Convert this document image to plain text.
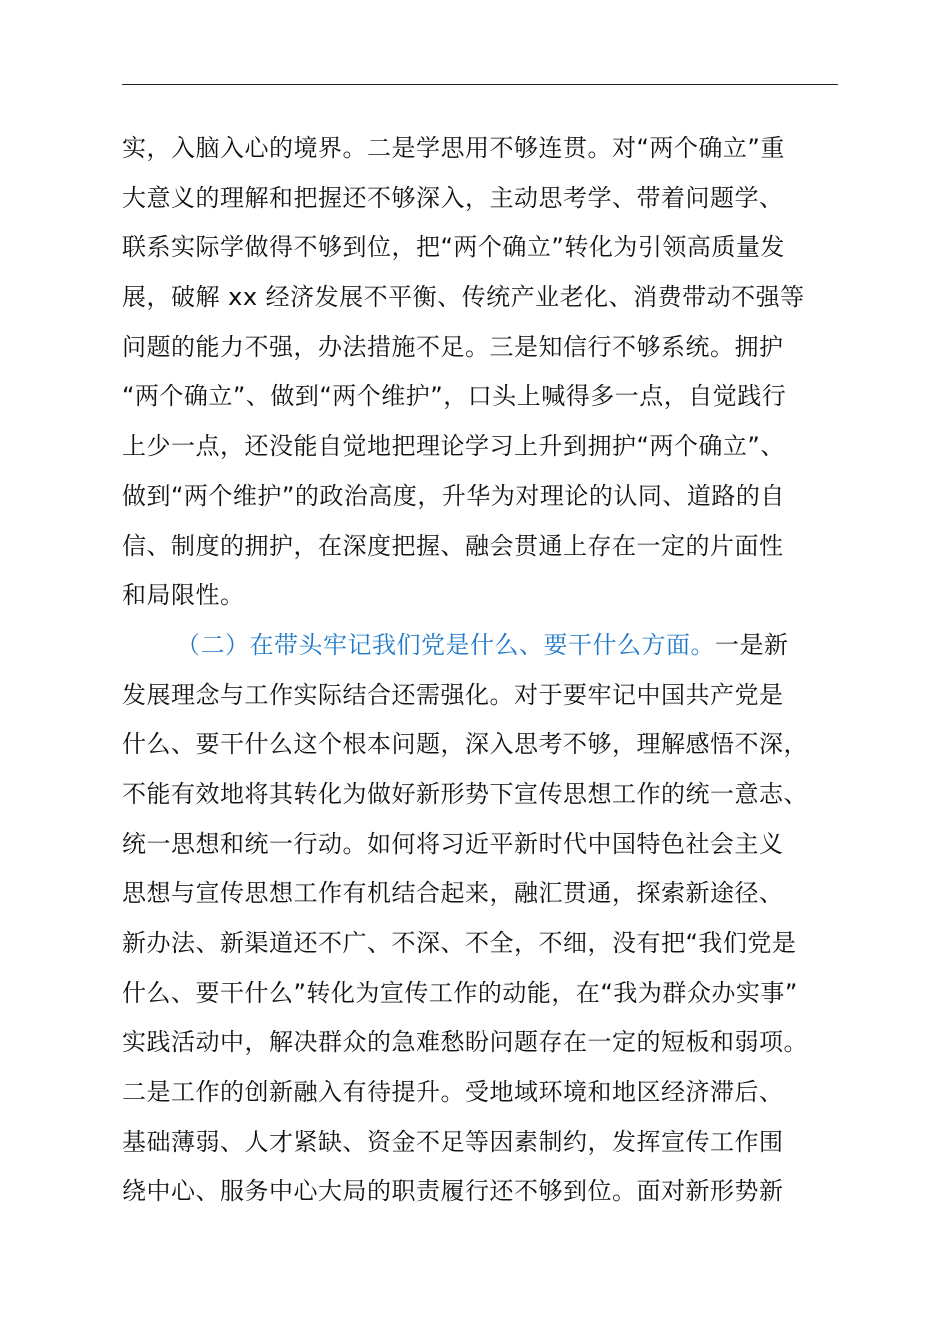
实，入脑入心的境界。二是学思用不够连贯。对“两个确立”重
大意义的理解和把握还不够深入，主动思考学、带着问题学、
联系实际学做得不够到位，把“两个确立”转化为引领高质量发
展，破解 xx 经济发展不平衡、传统产业老化、消费带动不强等
问题的能力不强，办法措施不足。三是知信行不够系统。拥护
“两个确立”、做到“两个维护”，口头上喊得多一点，自觉践行
上少一点，还没能自觉地把理论学习上升到拥护“两个确立”、
做到“两个维护”的政治高度，升华为对理论的认同、道路的自
信、制度的拥护，在深度把握、融会贯通上存在一定的片面性
和局限性。
（二）在带头牢记我们党是什么、要干什么方面。一是新
发展理念与工作实际结合还需强化。对于要牢记中国共产党是
什么、要干什么这个根本问题，深入思考不够，理解感悟不深，
不能有效地将其转化为做好新形势下宣传思想工作的统一意志、
统一思想和统一行动。如何将习近平新时代中国特色社会主义
思想与宣传思想工作有机结合起来，融汇贯通，探索新途径、
新办法、新渠道还不广、不深、不全，不细，没有把“我们党是
什么、要干什么”转化为宣传工作的动能，在“我为群众办实事”
实践活动中，解决群众的急难愁盼问题存在一定的短板和弱项。
二是工作的创新融入有待提升。受地域环境和地区经济滞后、
基础薄弱、人才紧缺、资金不足等因素制约，发挥宣传工作围
绕中心、服务中心大局的职责履行还不够到位。面对新形势新
